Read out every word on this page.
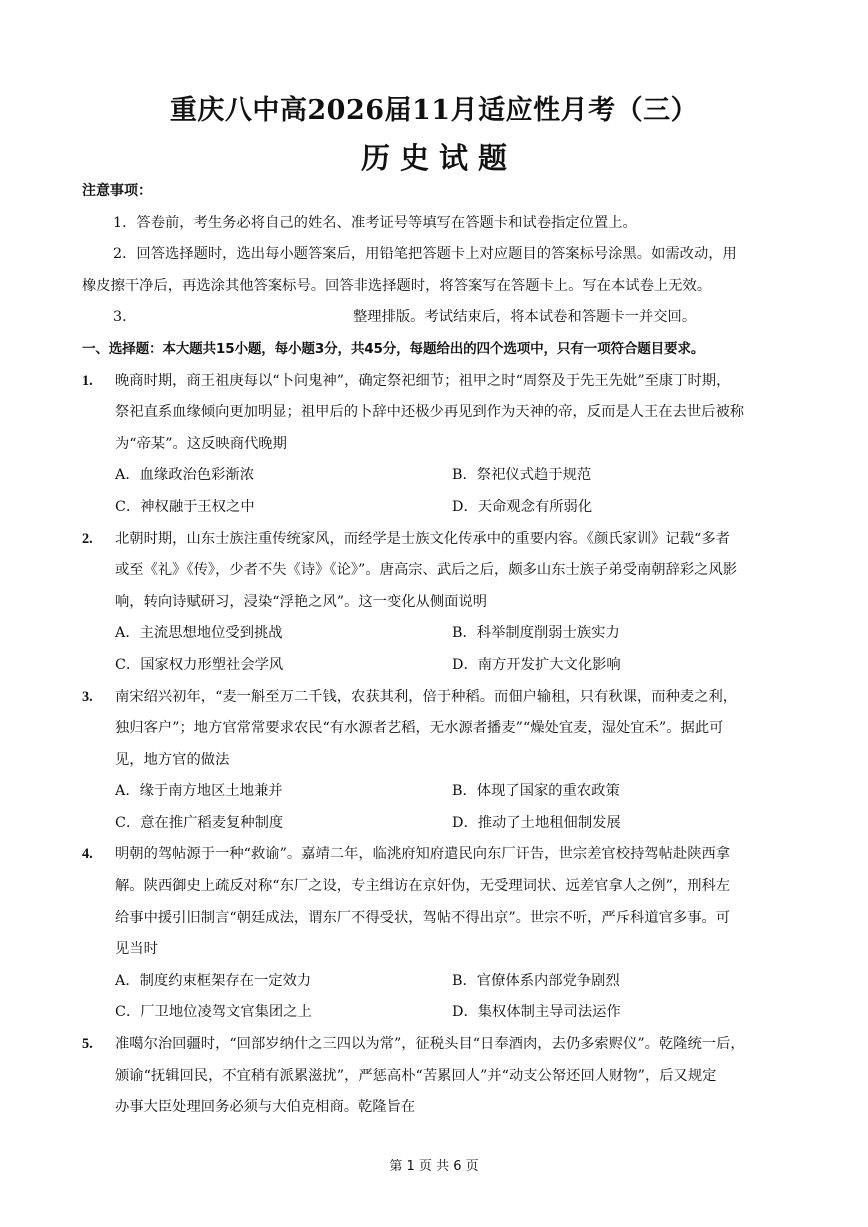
重庆八中高2026届11月适应性月考（三）
历史试题
注意事项：
1．答卷前，考生务必将自己的姓名、准考证号等填写在答题卡和试卷指定位置上。
2．回答选择题时，选出每小题答案后，用铅笔把答题卡上对应题目的答案标号涂黑。如需改动，用
橡皮擦干净后，再选涂其他答案标号。回答非选择题时，将答案写在答题卡上。写在本试卷上无效。
3．	整理排版。考试结束后，将本试卷和答题卡一并交回。
一、选择题：本大题共15小题，每小题3分，共45分，每题给出的四个选项中，只有一项符合题目要求。
1. 晚商时期，商王祖庚每以“卜问鬼神”，确定祭祀细节；祖甲之时“周祭及于先王先妣”至康丁时期，
祭祀直系血缘倾向更加明显；祖甲后的卜辞中还极少再见到作为天神的帝，反而是人王在去世后被称
为“帝某”。这反映商代晚期
A．血缘政治色彩渐浓	B．祭祀仪式趋于规范
C．神权融于王权之中	D．天命观念有所弱化
2. 北朝时期，山东士族注重传统家风，而经学是士族文化传承中的重要内容。《颜氏家训》记载“多者
或至《礼》《传》，少者不失《诗》《论》”。唐高宗、武后之后，颇多山东士族子弟受南朝辞彩之风影
响，转向诗赋研习，浸染“浮艳之风”。这一变化从侧面说明
A．主流思想地位受到挑战	B．科举制度削弱士族实力
C．国家权力形塑社会学风	D．南方开发扩大文化影响
3. 南宋绍兴初年，“麦一斛至万二千钱，农获其利，倍于种稻。而佃户输租，只有秋课，而种麦之利，
独归客户”；地方官常常要求农民“有水源者艺稻，无水源者播麦”“燥处宜麦，湿处宜禾”。据此可
见，地方官的做法
A．缘于南方地区土地兼并	B．体现了国家的重农政策
C．意在推广稻麦复种制度	D．推动了土地租佃制发展
4. 明朝的驾帖源于一种“救谕”。嘉靖二年，临洮府知府遣民向东厂讦告，世宗差官校持驾帖赴陕西拿
解。陕西御史上疏反对称“东厂之设，专主缉访在京奸伪，无受理词状、远差官拿人之例”，刑科左
给事中援引旧制言“朝廷成法，谓东厂不得受状，驾帖不得出京”。世宗不听，严斥科道官多事。可
见当时
A．制度约束框架存在一定效力	B．官僚体系内部党争剧烈
C．厂卫地位凌驾文官集团之上	D．集权体制主导司法运作
5. 准噶尔治回疆时，“回部岁纳什之三四以为常”，征税头目“日奉酒肉，去仍多索赆仪”。乾隆统一后，
颁谕“抚辑回民，不宜稍有派累滋扰”，严惩高朴“苦累回人”并“动支公帑还回人财物”，后又规定
办事大臣处理回务必须与大伯克相商。乾隆旨在
第 1 页 共 6 页
